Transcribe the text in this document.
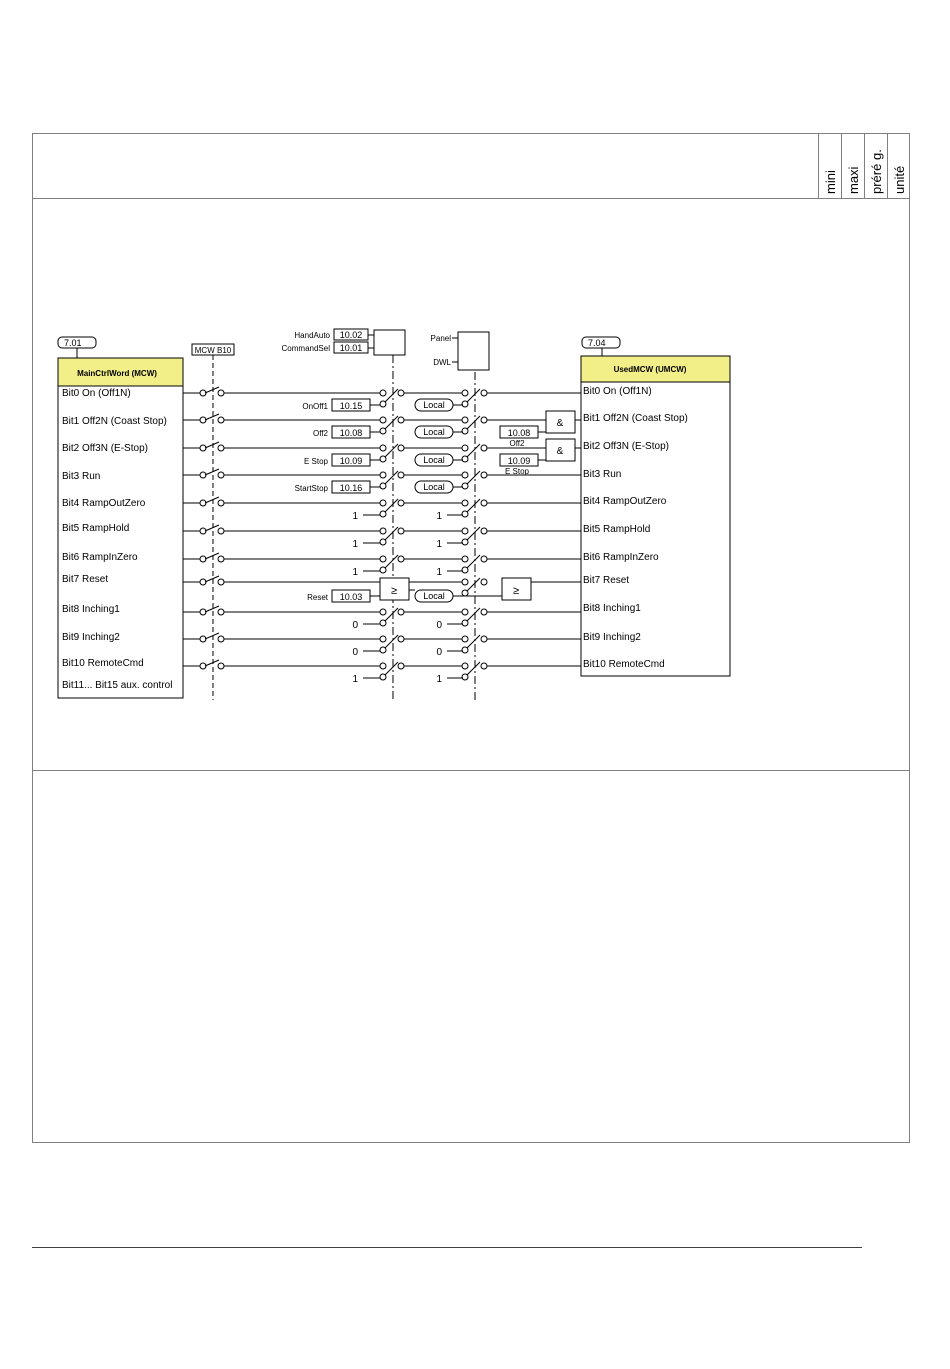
mini maxi préré g. unité
7.01
MainCtrlWord (MCW)
Bit0 On (Off1N)
Bit1 Off2N (Coast Stop)
Bit2 Off3N (E-Stop)
Bit3 Run
Bit4 RampOutZero
Bit5 RampHold
Bit6 RampInZero
Bit7 Reset
Bit8 Inching1
Bit9 Inching2
Bit10 RemoteCmd
Bit11... Bit15 aux. control
7.04
UsedMCW (UMCW)
Bit0 On (Off1N)
Bit1 Off2N (Coast Stop)
Bit2 Off3N (E-Stop)
Bit3 Run
Bit4 RampOutZero
Bit5 RampHold
Bit6 RampInZero
Bit7 Reset
Bit8 Inching1
Bit9 Inching2
Bit10 RemoteCmd
MCW B10
HandAuto 10.02
CommandSel 10.01
Panel
DWL
OnOff1 10.15	Local
Off2 10.08	Local
E Stop 10.09	Local
StartStop 10.16	Local
1	1
1	1
1	1
0	0
0	0
1	1
≥
Reset 10.03	Local	≥
&
10.08
Off2
&
10.09
E Stop
